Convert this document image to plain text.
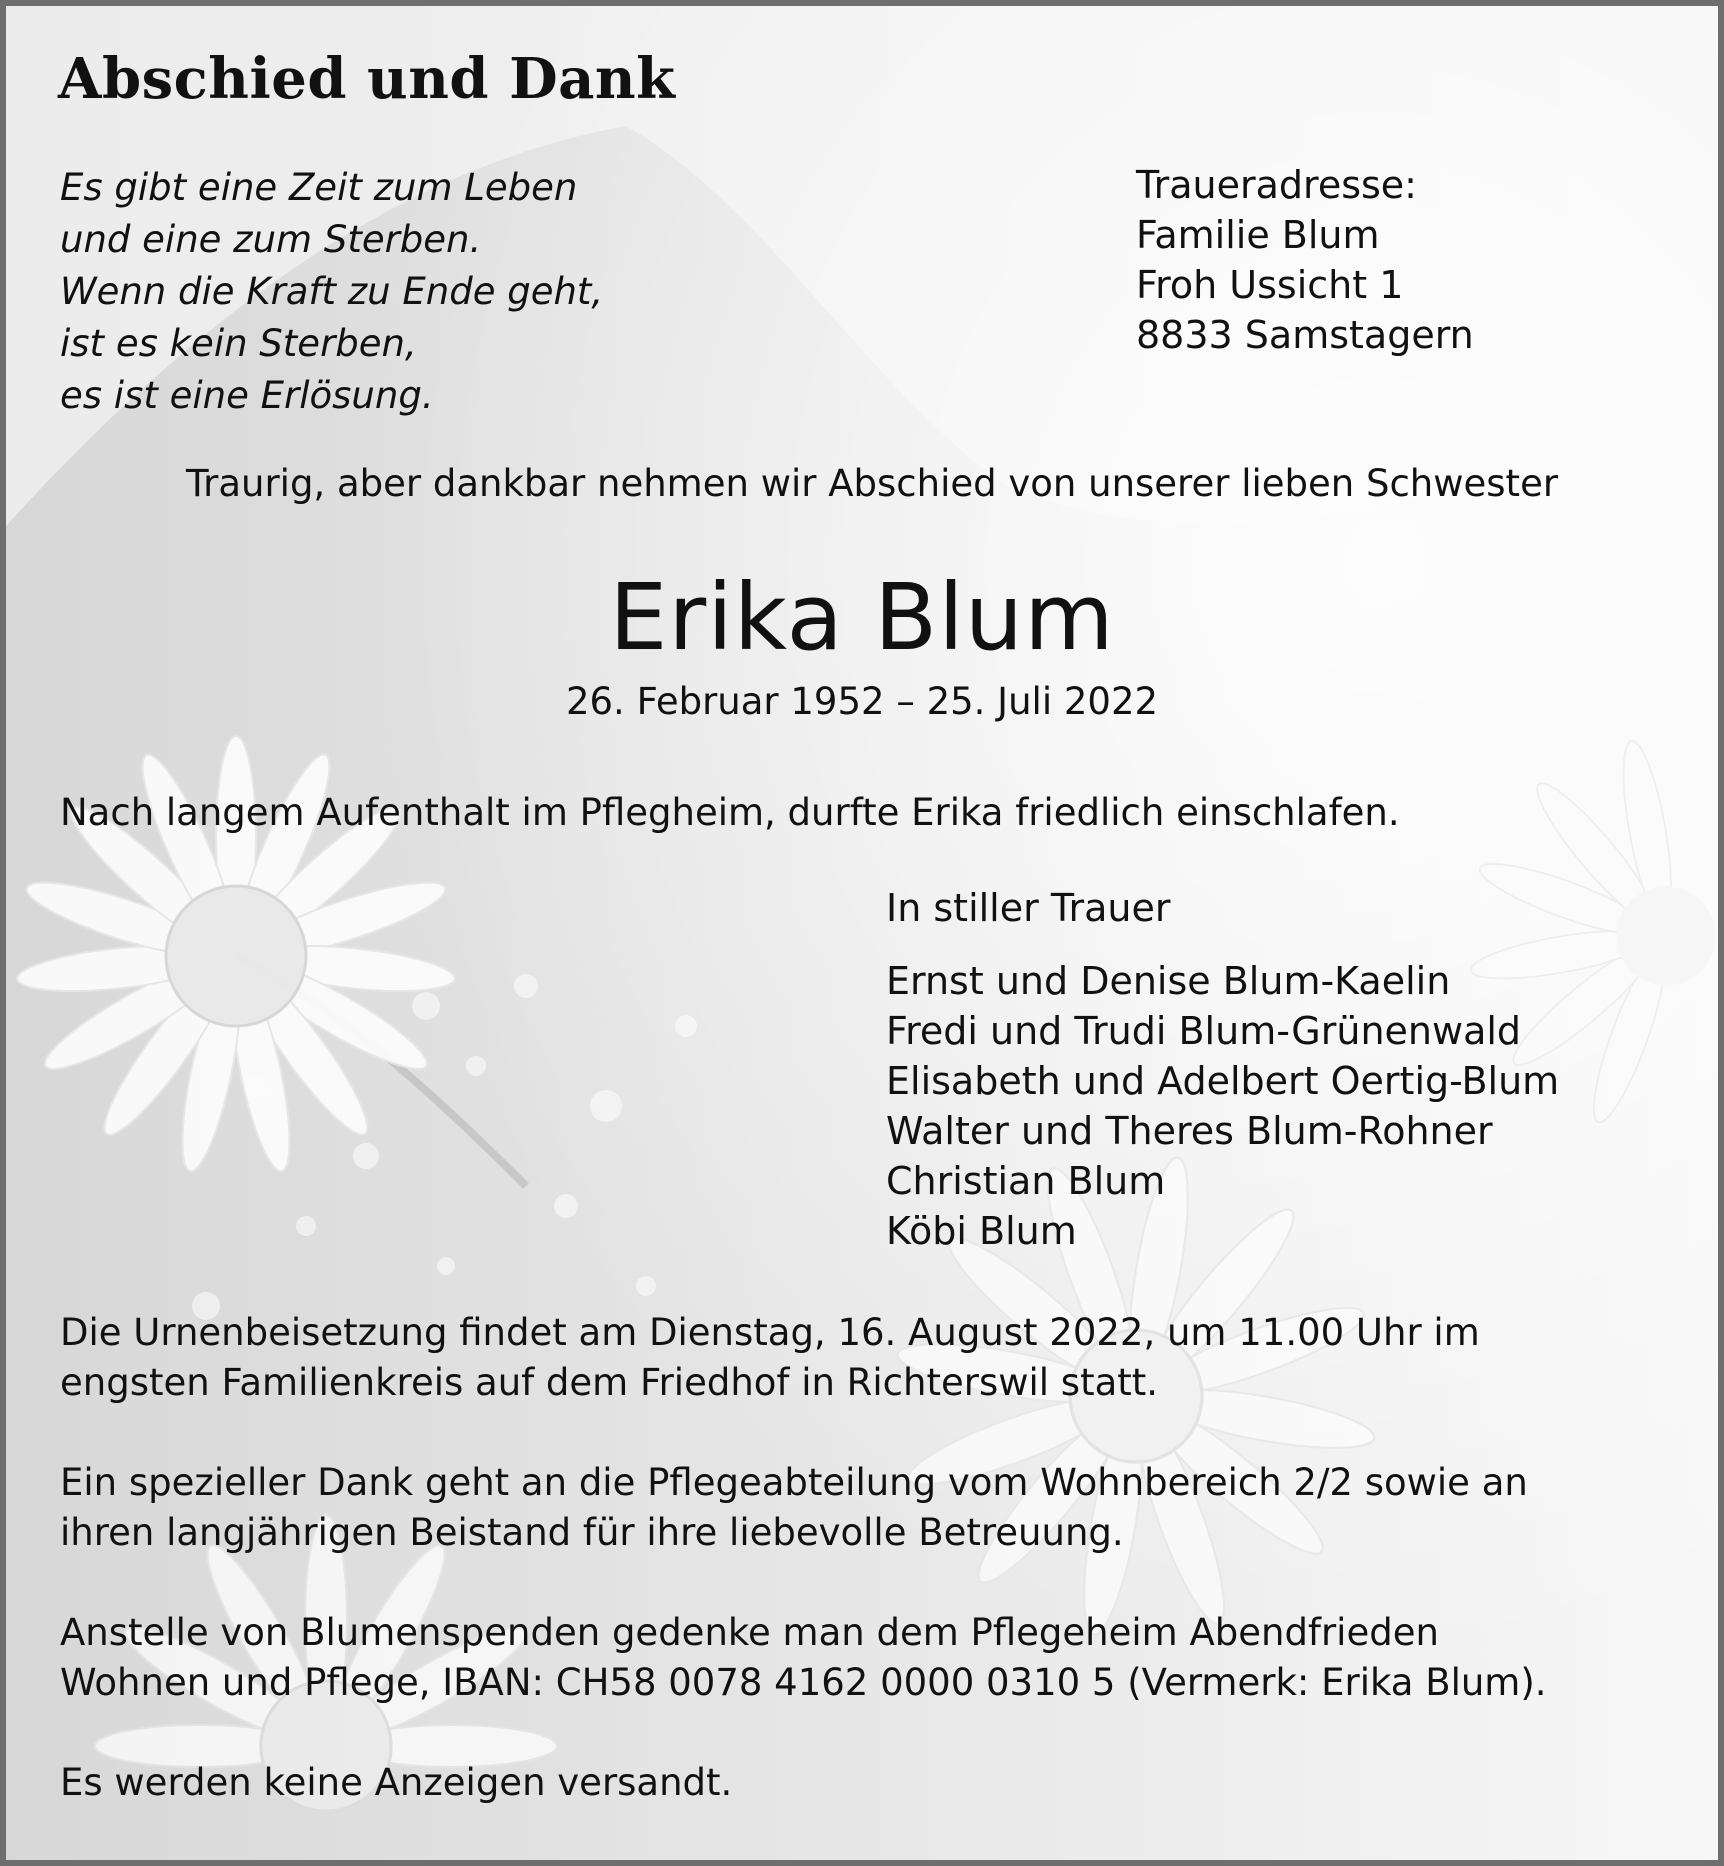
Abschied und Dank
Es gibt eine Zeit zum Leben
und eine zum Sterben.
Wenn die Kraft zu Ende geht,
ist es kein Sterben,
es ist eine Erlösung.
Traueradresse:
Familie Blum
Froh Ussicht 1
8833 Samstagern

Traurig, aber dankbar nehmen wir Abschied von unserer lieben Schwester

Erika Blum

26. Februar 1952 – 25. Juli 2022

Nach langem Aufenthalt im Pflegheim, durfte Erika friedlich einschlafen.

In stiller Trauer

Ernst und Denise Blum-Kaelin
Fredi und Trudi Blum-Grünenwald
Elisabeth und Adelbert Oertig-Blum
Walter und Theres Blum-Rohner
Christian Blum
Köbi Blum
Die Urnenbeisetzung findet am Dienstag, 16. August 2022, um 11.00 Uhr im
engsten Familienkreis auf dem Friedhof in Richterswil statt.
Ein spezieller Dank geht an die Pflegeabteilung vom Wohnbereich 2/2 sowie an
ihren langjährigen Beistand für ihre liebevolle Betreuung.
Anstelle von Blumenspenden gedenke man dem Pflegeheim Abendfrieden
Wohnen und Pflege, IBAN: CH58 0078 4162 0000 0310 5 (Vermerk: Erika Blum).

Es werden keine Anzeigen versandt.
